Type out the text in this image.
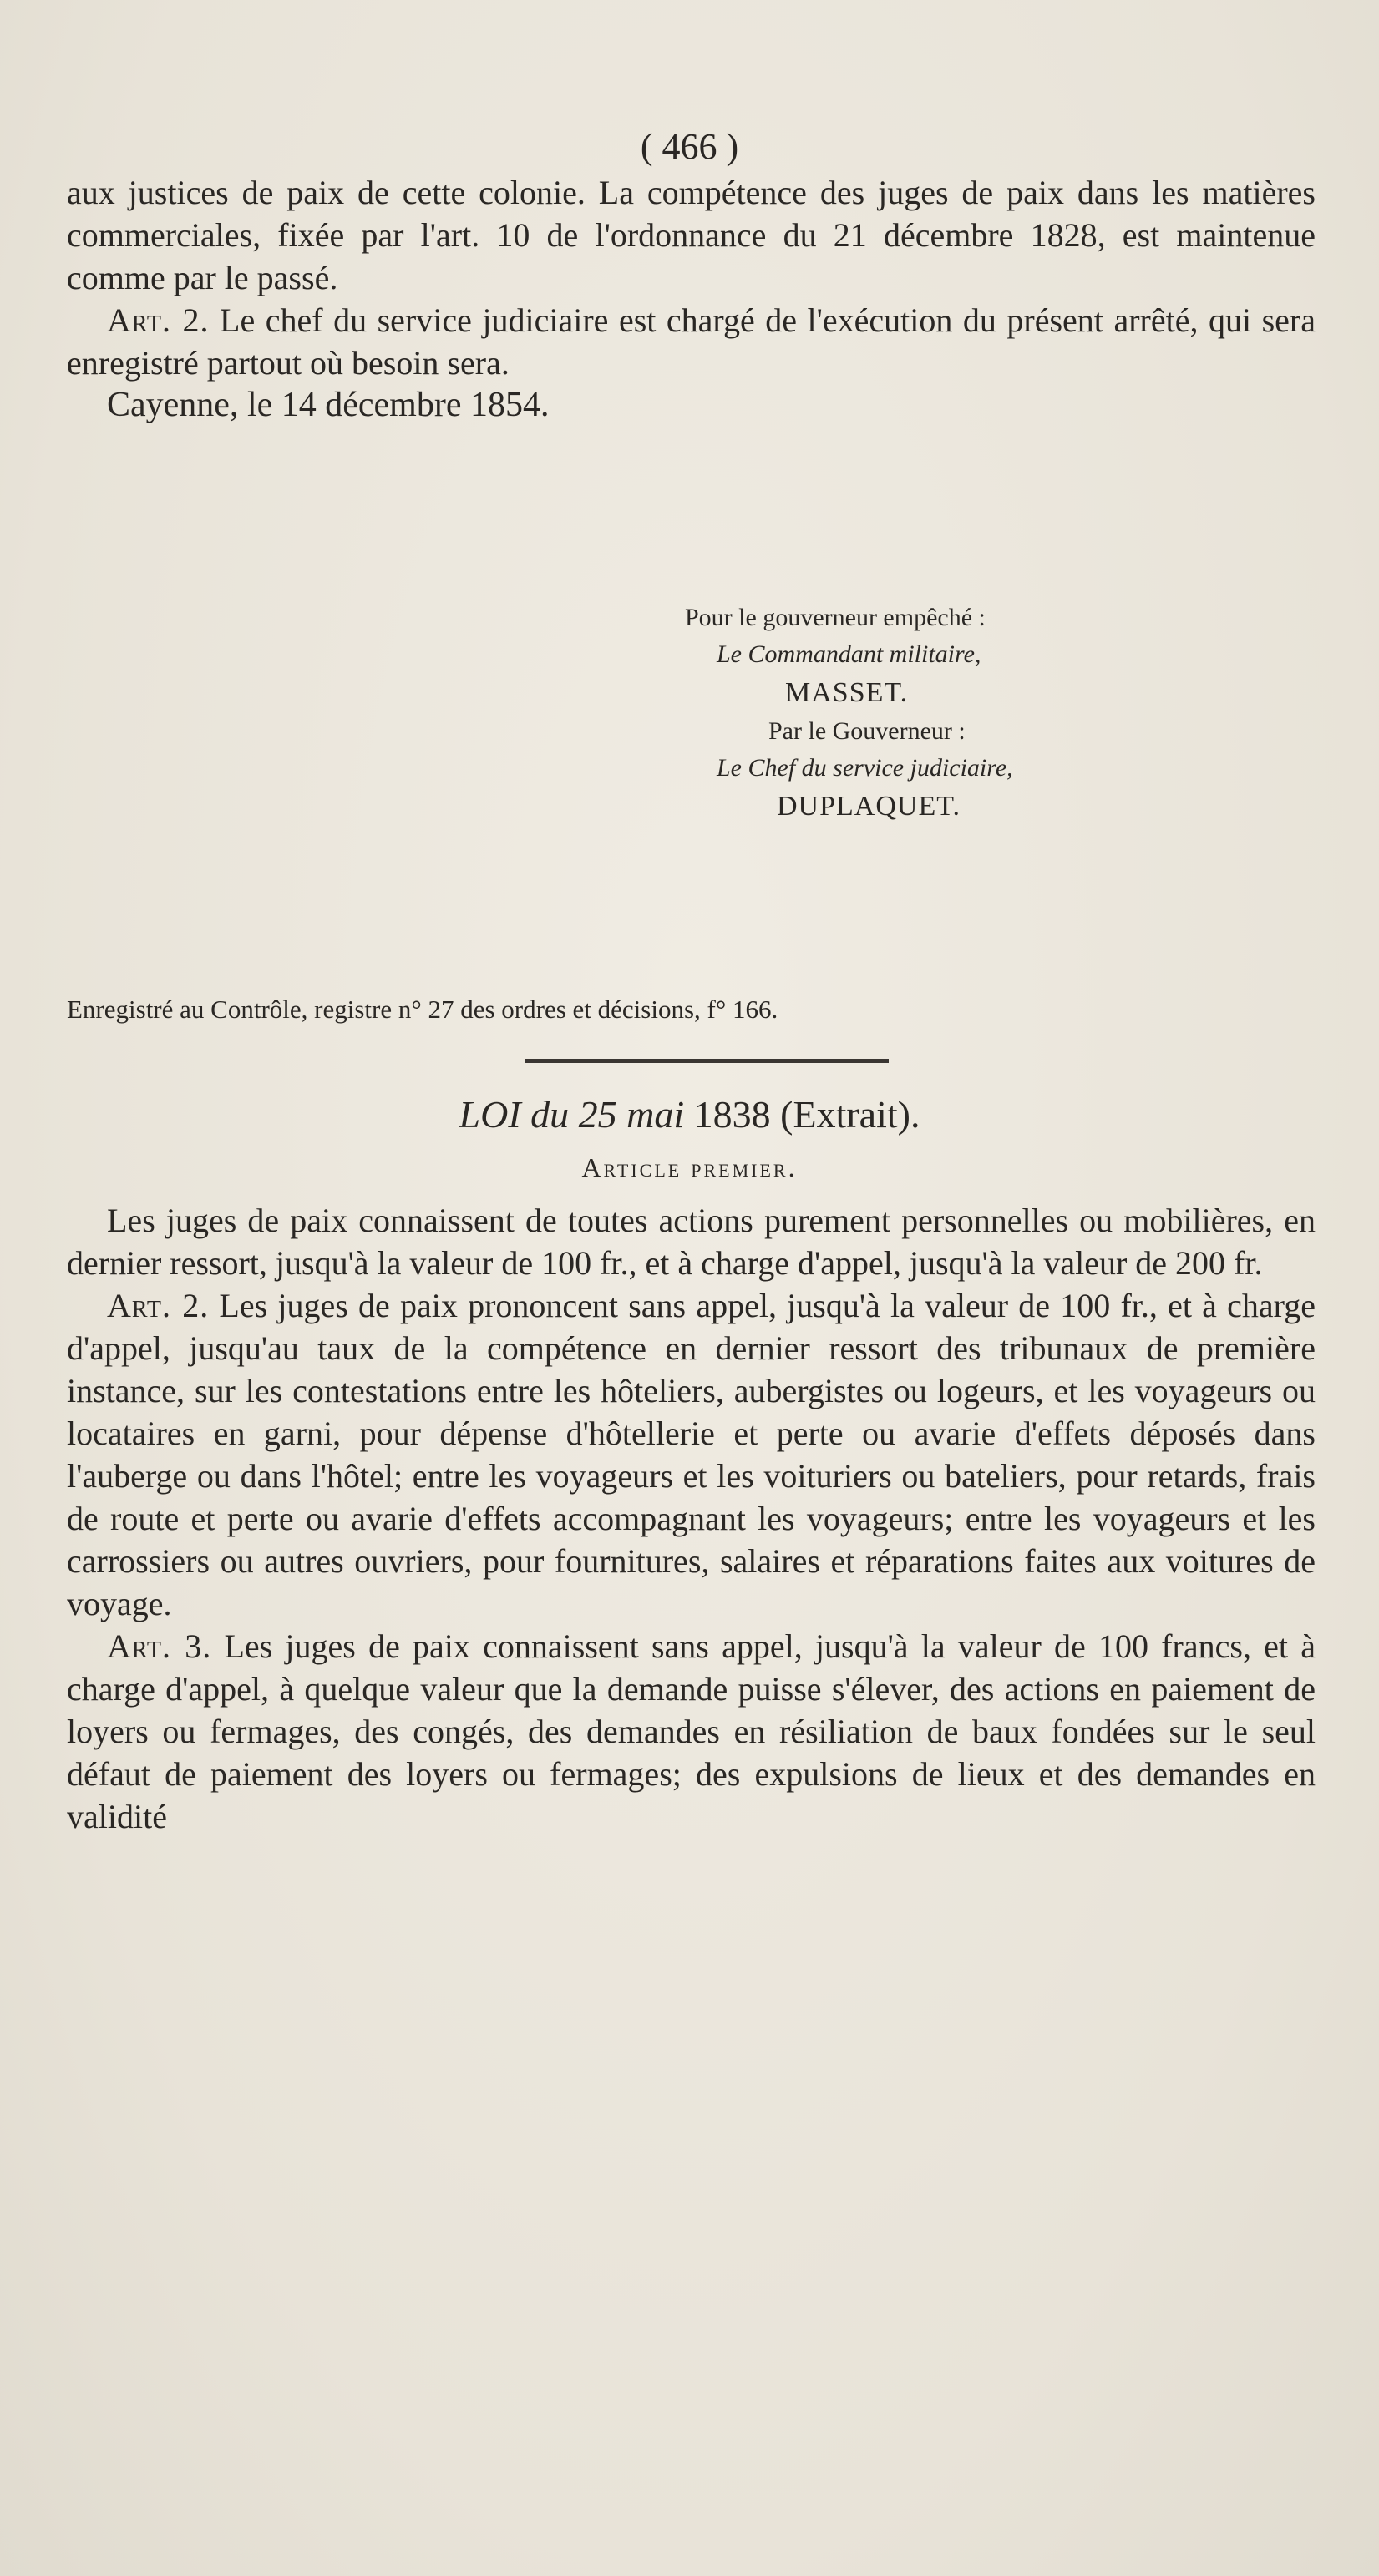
( 466 )

aux justices de paix de cette colonie. La compétence des juges de paix dans les matières commerciales, fixée par l'art. 10 de l'ordonnance du 21 décembre 1828, est maintenue comme par le passé.

Art. 2. Le chef du service judiciaire est chargé de l'exécution du présent arrêté, qui sera enregistré partout où besoin sera.

Cayenne, le 14 décembre 1854.

Pour le gouverneur empêché :
Le Commandant militaire,
MASSET.
Par le Gouverneur :
Le Chef du service judiciaire,
DUPLAQUET.
Enregistré au Contrôle, registre n° 27 des ordres et décisions, f° 166.
LOI du 25 mai 1838 (Extrait).
Article premier.

Les juges de paix connaissent de toutes actions purement personnelles ou mobilières, en dernier ressort, jusqu'à la valeur de 100 fr., et à charge d'appel, jusqu'à la valeur de 200 fr.

Art. 2. Les juges de paix prononcent sans appel, jusqu'à la valeur de 100 fr., et à charge d'appel, jusqu'au taux de la compétence en dernier ressort des tribunaux de première instance, sur les contestations entre les hôteliers, aubergistes ou logeurs, et les voyageurs ou locataires en garni, pour dépense d'hôtellerie et perte ou avarie d'effets déposés dans l'auberge ou dans l'hôtel; entre les voyageurs et les voituriers ou bateliers, pour retards, frais de route et perte ou avarie d'effets accompagnant les voyageurs; entre les voyageurs et les carrossiers ou autres ouvriers, pour fournitures, salaires et réparations faites aux voitures de voyage.

Art. 3. Les juges de paix connaissent sans appel, jusqu'à la valeur de 100 francs, et à charge d'appel, à quelque valeur que la demande puisse s'élever, des actions en paiement de loyers ou fermages, des congés, des demandes en résiliation de baux fondées sur le seul défaut de paiement des loyers ou fermages; des expulsions de lieux et des demandes en validité
